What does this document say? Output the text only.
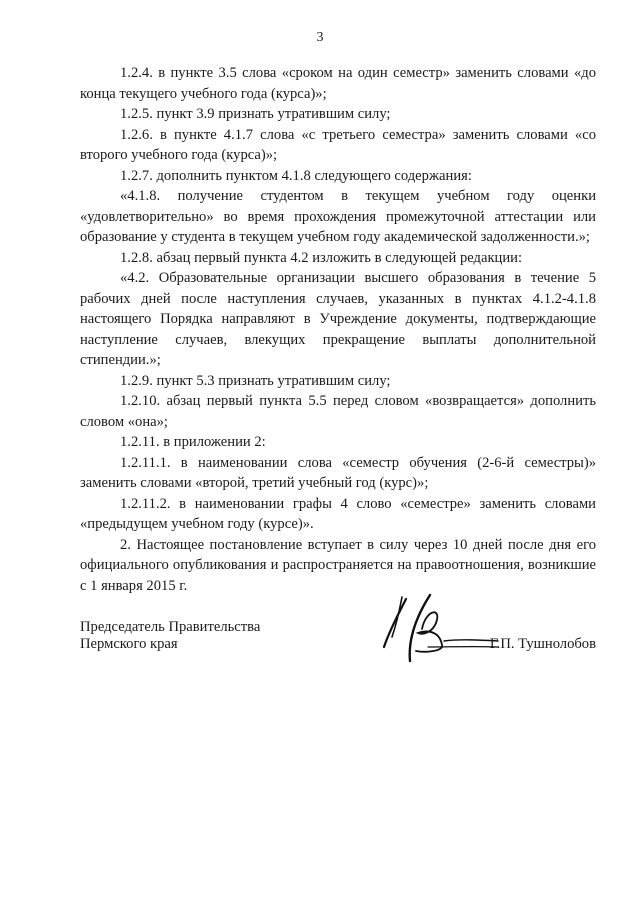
3

1.2.4. в пункте 3.5 слова «сроком на один семестр» заменить словами «до конца текущего учебного года (курса)»;

1.2.5. пункт 3.9 признать утратившим силу;

1.2.6. в пункте 4.1.7 слова «с третьего семестра» заменить словами «со второго учебного года (курса)»;

1.2.7. дополнить пунктом 4.1.8 следующего содержания:

«4.1.8. получение студентом в текущем учебном году оценки «удовлетворительно» во время прохождения промежуточной аттестации или образование у студента в текущем учебном году академической задолженности.»;

1.2.8. абзац первый пункта 4.2 изложить в следующей редакции:

«4.2. Образовательные организации высшего образования в течение 5 рабочих дней после наступления случаев, указанных в пунктах 4.1.2-4.1.8 настоящего Порядка направляют в Учреждение документы, подтверждающие наступление случаев, влекущих прекращение выплаты дополнительной стипендии.»;

1.2.9. пункт 5.3 признать утратившим силу;

1.2.10. абзац первый пункта 5.5 перед словом «возвращается» дополнить словом «она»;

1.2.11. в приложении 2:

1.2.11.1. в наименовании слова «семестр обучения (2-6-й семестры)» заменить словами «второй, третий учебный год (курс)»;

1.2.11.2. в наименовании графы 4 слово «семестре» заменить словами «предыдущем учебном году (курсе)».

2. Настоящее постановление вступает в силу через 10 дней после дня его официального опубликования и распространяется на правоотношения, возникшие с 1 января 2015 г.

Председатель Правительства
Пермского края	Г.П. Тушнолобов
